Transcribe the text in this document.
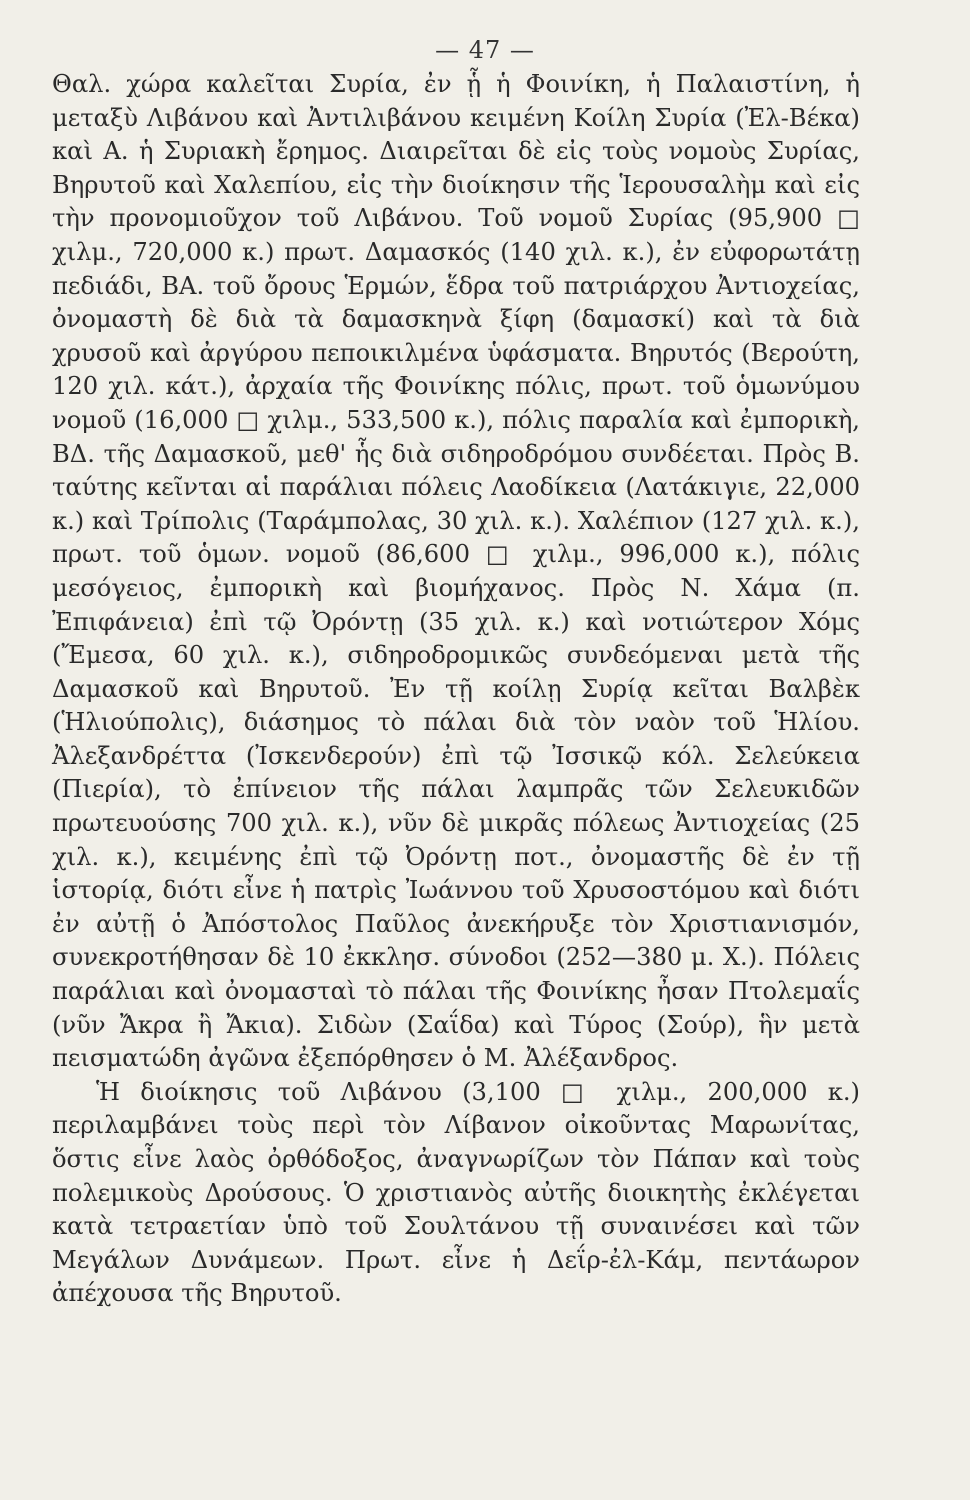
— 47 —

Θαλ. χώρα καλεῖται Συρία, ἐν ᾗ ἡ Φοινίκη, ἡ Παλαιστίνη, ἡ μεταξὺ Λιβάνου καὶ Ἀντιλιβάνου κειμένη Κοίλη Συρία (Ἐλ-Βέκα) καὶ Α. ἡ Συριακὴ ἔρημος. Διαιρεῖται δὲ εἰς τοὺς νομοὺς Συρίας, Βηρυτοῦ καὶ Χαλεπίου, εἰς τὴν διοίκησιν τῆς Ἱερουσαλὴμ καὶ εἰς τὴν προνομιοῦχον τοῦ Λιβάνου. Τοῦ νομοῦ Συρίας (95,900 □ χιλμ., 720,000 κ.) πρωτ. Δαμασκός (140 χιλ. κ.), ἐν εὐφορωτάτῃ πεδιάδι, ΒΑ. τοῦ ὄρους Ἑρμών, ἕδρα τοῦ πατριάρχου Ἀντιοχείας, ὀνομαστὴ δὲ διὰ τὰ δαμασκηνὰ ξίφη (δαμασκί) καὶ τὰ διὰ χρυσοῦ καὶ ἀργύρου πεποικιλμένα ὑφάσματα. Βηρυτός (Βερούτη, 120 χιλ. κάτ.), ἀρχαία τῆς Φοινίκης πόλις, πρωτ. τοῦ ὁμωνύμου νομοῦ (16,000 □ χιλμ., 533,500 κ.), πόλις παραλία καὶ ἐμπορικὴ, ΒΔ. τῆς Δαμασκοῦ, μεθ' ἧς διὰ σιδηροδρόμου συνδέεται. Πρὸς Β. ταύτης κεῖνται αἱ παράλιαι πόλεις Λαοδίκεια (Λατάκιγιε, 22,000 κ.) καὶ Τρίπολις (Ταράμπολας, 30 χιλ. κ.). Χαλέπιον (127 χιλ. κ.), πρωτ. τοῦ ὁμων. νομοῦ (86,600 □ χιλμ., 996,000 κ.), πόλις μεσόγειος, ἐμπορικὴ καὶ βιομήχανος. Πρὸς Ν. Χάμα (π. Ἐπιφάνεια) ἐπὶ τῷ Ὀρόντῃ (35 χιλ. κ.) καὶ νοτιώτερον Χόμς (Ἔμεσα, 60 χιλ. κ.), σιδηροδρομικῶς συνδεόμεναι μετὰ τῆς Δαμασκοῦ καὶ Βηρυτοῦ. Ἐν τῇ κοίλῃ Συρίᾳ κεῖται Βαλβὲκ (Ἡλιούπολις), διάσημος τὸ πάλαι διὰ τὸν ναὸν τοῦ Ἡλίου. Ἀλεξανδρέττα (Ἰσκενδερούν) ἐπὶ τῷ Ἰσσικῷ κόλ. Σελεύκεια (Πιερία), τὸ ἐπίνειον τῆς πάλαι λαμπρᾶς τῶν Σελευκιδῶν πρωτευούσης 700 χιλ. κ.), νῦν δὲ μικρᾶς πόλεως Ἀντιοχείας (25 χιλ. κ.), κειμένης ἐπὶ τῷ Ὀρόντῃ ποτ., ὀνομαστῆς δὲ ἐν τῇ ἱστορίᾳ, διότι εἶνε ἡ πατρὶς Ἰωάννου τοῦ Χρυσοστόμου καὶ διότι ἐν αὐτῇ ὁ Ἀπόστολος Παῦλος ἀνεκήρυξε τὸν Χριστιανισμόν, συνεκροτήθησαν δὲ 10 ἐκκλησ. σύνοδοι (252—380 μ. Χ.). Πόλεις παράλιαι καὶ ὀνομασταὶ τὸ πάλαι τῆς Φοινίκης ἦσαν Πτολεμαΐς (νῦν Ἄκρα ἢ Ἄκια). Σιδὼν (Σαΐδα) καὶ Τύρος (Σούρ), ἣν μετὰ πεισματώδη ἀγῶνα ἐξεπόρθησεν ὁ Μ. Ἀλέξανδρος.

Ἡ διοίκησις τοῦ Λιβάνου (3,100 □ χιλμ., 200,000 κ.) περιλαμβάνει τοὺς περὶ τὸν Λίβανον οἰκοῦντας Μαρωνίτας, ὅστις εἶνε λαὸς ὀρθόδοξος, ἀναγνωρίζων τὸν Πάπαν καὶ τοὺς πολεμικοὺς Δρούσους. Ὁ χριστιανὸς αὐτῆς διοικητὴς ἐκλέγεται κατὰ τετραετίαν ὑπὸ τοῦ Σουλτάνου τῇ συναινέσει καὶ τῶν Μεγάλων Δυνάμεων. Πρωτ. εἶνε ἡ Δεΐρ-ἐλ-Κάμ, πεντάωρον ἀπέχουσα τῆς Βηρυτοῦ.
